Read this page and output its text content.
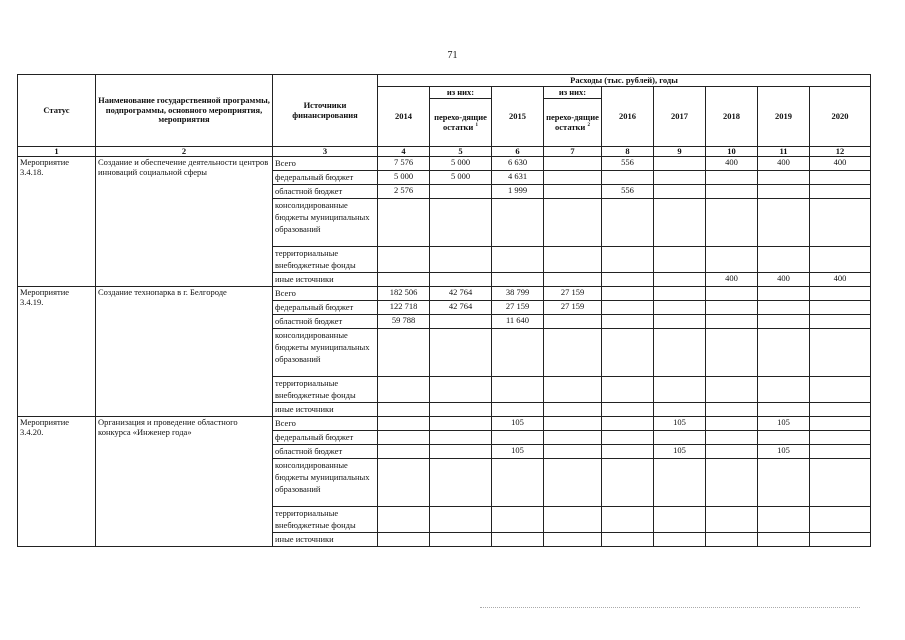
71
Статус	Наименование государственной программы, подпрограммы, основного мероприятия, мероприятия	Источники финансирования	Расходы (тыс. рублей), годы								
			2014	из них:	2015	из них:	2016	2017	2018	2019	2020
				перехо-дящие остатки $^1$		перехо-дящие остатки $^2$
1	2	3	4	5	6	7	8	9	10	11	12
Мероприятие 3.4.18.	Создание и обеспечение деятельности центров инноваций социальной сферы	Всего	7 576	5 000	6 630		556		400	400	400
		федеральный бюджет	5 000	5 000	4 631						
		областной бюджет	2 576		1 999		556				
		консолидированные бюджеты муниципальных образований									
		территориальные внебюджетные фонды									
		иные источники							400	400	400
Мероприятие 3.4.19.	Создание технопарка в г. Белгороде	Всего	182 506	42 764	38 799	27 159					
		федеральный бюджет	122 718	42 764	27 159	27 159					
		областной бюджет	59 788		11 640						
		консолидированные бюджеты муниципальных образований									
		территориальные внебюджетные фонды									
		иные источники									
Мероприятие 3.4.20.	Организация и проведение областного конкурса «Инженер года»	Всего			105			105		105	
		федеральный бюджет									
		областной бюджет			105			105		105	
		консолидированные бюджеты муниципальных образований									
		территориальные внебюджетные фонды									
		иные источники									
